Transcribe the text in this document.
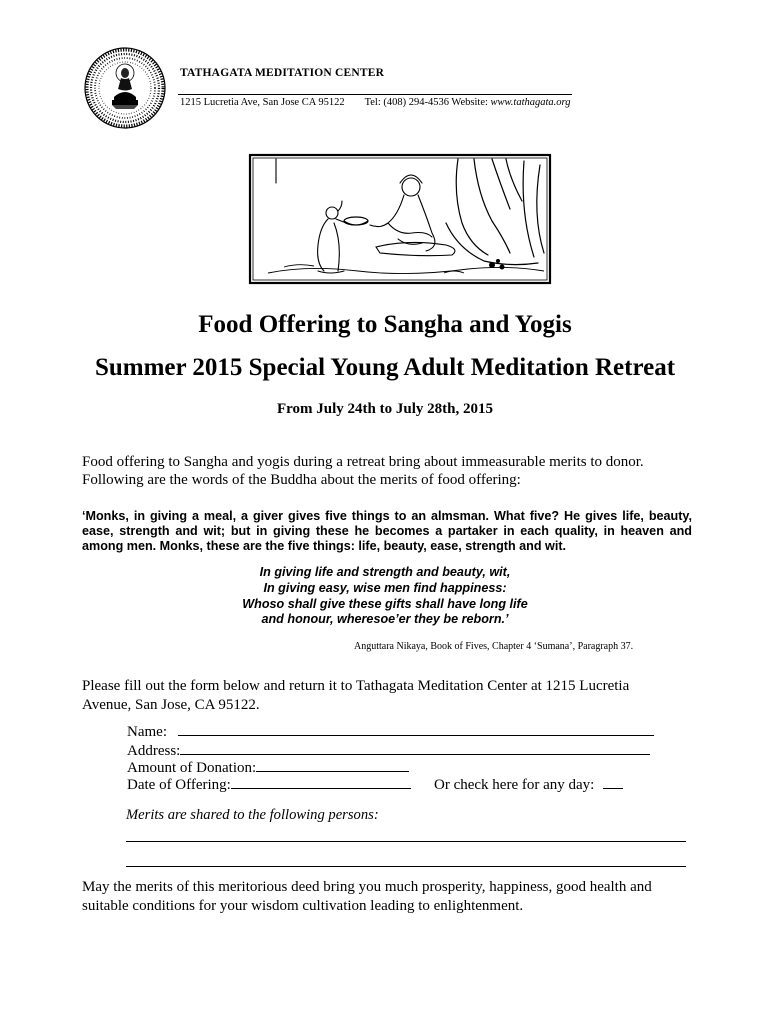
TATHAGATA MEDITATION CENTER
1215 Lucretia Ave, San Jose CA 95122 Tel: (408) 294-4536 Website: www.tathagata.org
Food Offering to Sangha and Yogis
Summer 2015 Special Young Adult Meditation Retreat
From July 24th to July 28th, 2015
Food offering to Sangha and yogis during a retreat bring about immeasurable merits to donor. Following are the words of the Buddha about the merits of food offering:
‘Monks, in giving a meal, a giver gives five things to an almsman. What five? He gives life, beauty, ease, strength and wit; but in giving these he becomes a partaker in each quality, in heaven and among men. Monks, these are the five things: life, beauty, ease, strength and wit.
In giving life and strength and beauty, wit,
In giving easy, wise men find happiness:
Whoso shall give these gifts shall have long life
and honour, wheresoe’er they be reborn.’
Anguttara Nikaya, Book of Fives, Chapter 4 ‘Sumana’, Paragraph 37.
Please fill out the form below and return it to Tathagata Meditation Center at 1215 Lucretia Avenue, San Jose, CA 95122.
Name:
Address:
Amount of Donation:
Date of Offering:	Or check here for any day:
Merits are shared to the following persons:
May the merits of this meritorious deed bring you much prosperity, happiness, good health and suitable conditions for your wisdom cultivation leading to enlightenment.
